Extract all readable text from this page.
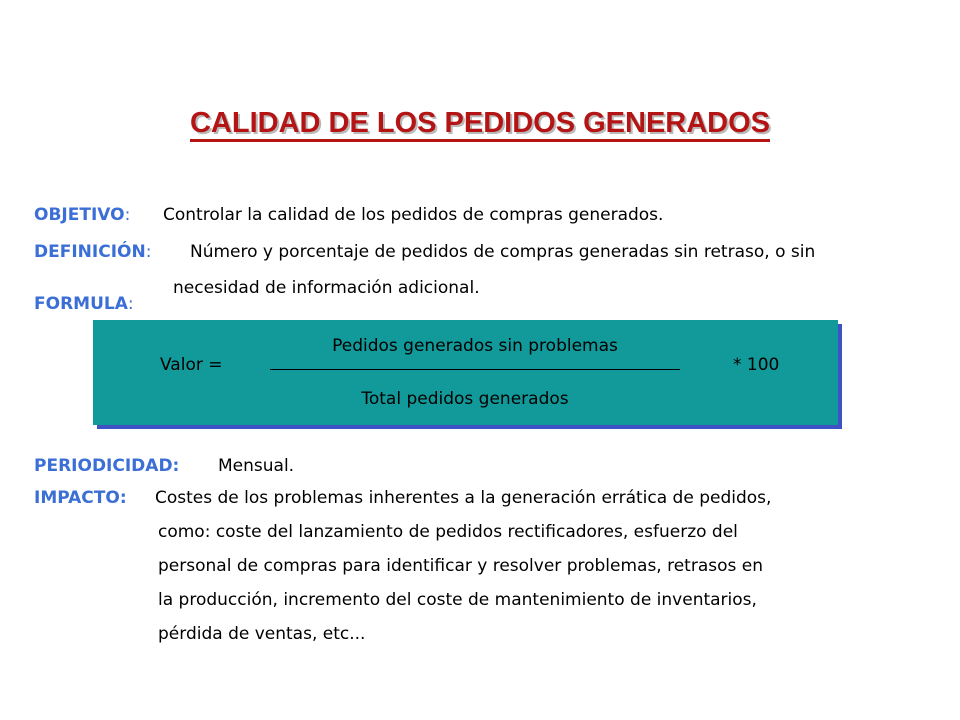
CALIDAD DE LOS PEDIDOS GENERADOS
OBJETIVO: Controlar la calidad de los pedidos de compras generados.
DEFINICIÓN: Número y porcentaje de pedidos de compras generadas sin retraso, o sin
necesidad de información adicional.
FORMULA:
Valor =
Pedidos generados sin problemas
Total pedidos generados
* 100
PERIODICIDAD: Mensual.
IMPACTO: Costes de los problemas inherentes a la generación errática de pedidos,
como: coste del lanzamiento de pedidos rectificadores, esfuerzo del
personal de compras para identificar y resolver problemas, retrasos en
la producción, incremento del coste de mantenimiento de inventarios,
pérdida de ventas, etc...
